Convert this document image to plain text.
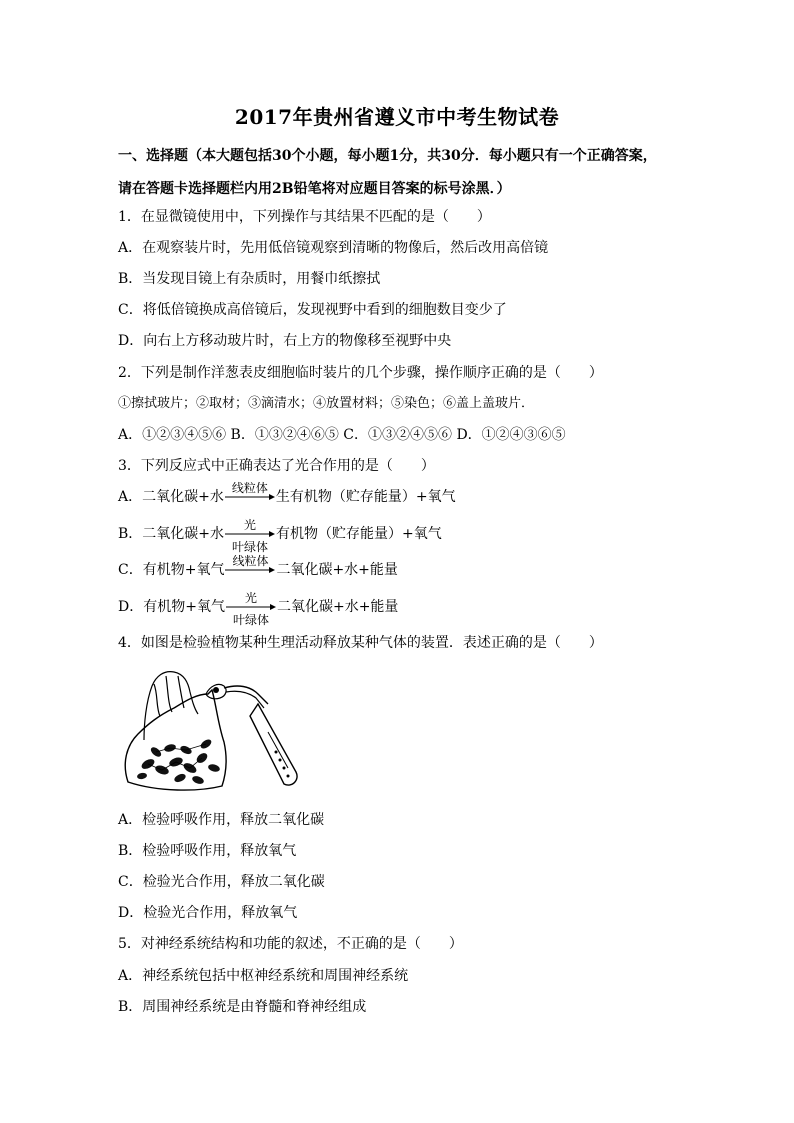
2017年贵州省遵义市中考生物试卷
一、选择题（本大题包括30个小题，每小题1分，共30分．每小题只有一个正确答案，
请在答题卡选择题栏内用2B铅笔将对应题目答案的标号涂黑．）
1．在显微镜使用中，下列操作与其结果不匹配的是（　　）
A．在观察装片时，先用低倍镜观察到清晰的物像后，然后改用高倍镜
B．当发现目镜上有杂质时，用餐巾纸擦拭
C．将低倍镜换成高倍镜后，发现视野中看到的细胞数目变少了
D．向右上方移动玻片时，右上方的物像移至视野中央
2．下列是制作洋葱表皮细胞临时装片的几个步骤，操作顺序正确的是（　　）
①擦拭玻片；②取材；③滴清水；④放置材料；⑤染色；⑥盖上盖玻片．
A．①②③④⑤⑥ B．①③②④⑥⑤ C．①③②④⑤⑥ D．①②④③⑥⑤
3．下列反应式中正确表达了光合作用的是（　　）
A．二氧化碳+水
线粒体
生有机物（贮存能量）+氧气
B．二氧化碳+水
光
叶绿体
有机物（贮存能量）+氧气
C．有机物+氧气
线粒体
二氧化碳+水+能量
D．有机物+氧气
光
叶绿体
二氧化碳+水+能量
4．如图是检验植物某种生理活动释放某种气体的装置．表述正确的是（　　）
A．检验呼吸作用，释放二氧化碳
B．检验呼吸作用，释放氧气
C．检验光合作用，释放二氧化碳
D．检验光合作用，释放氧气
5．对神经系统结构和功能的叙述，不正确的是（　　）
A．神经系统包括中枢神经系统和周围神经系统
B．周围神经系统是由脊髓和脊神经组成
